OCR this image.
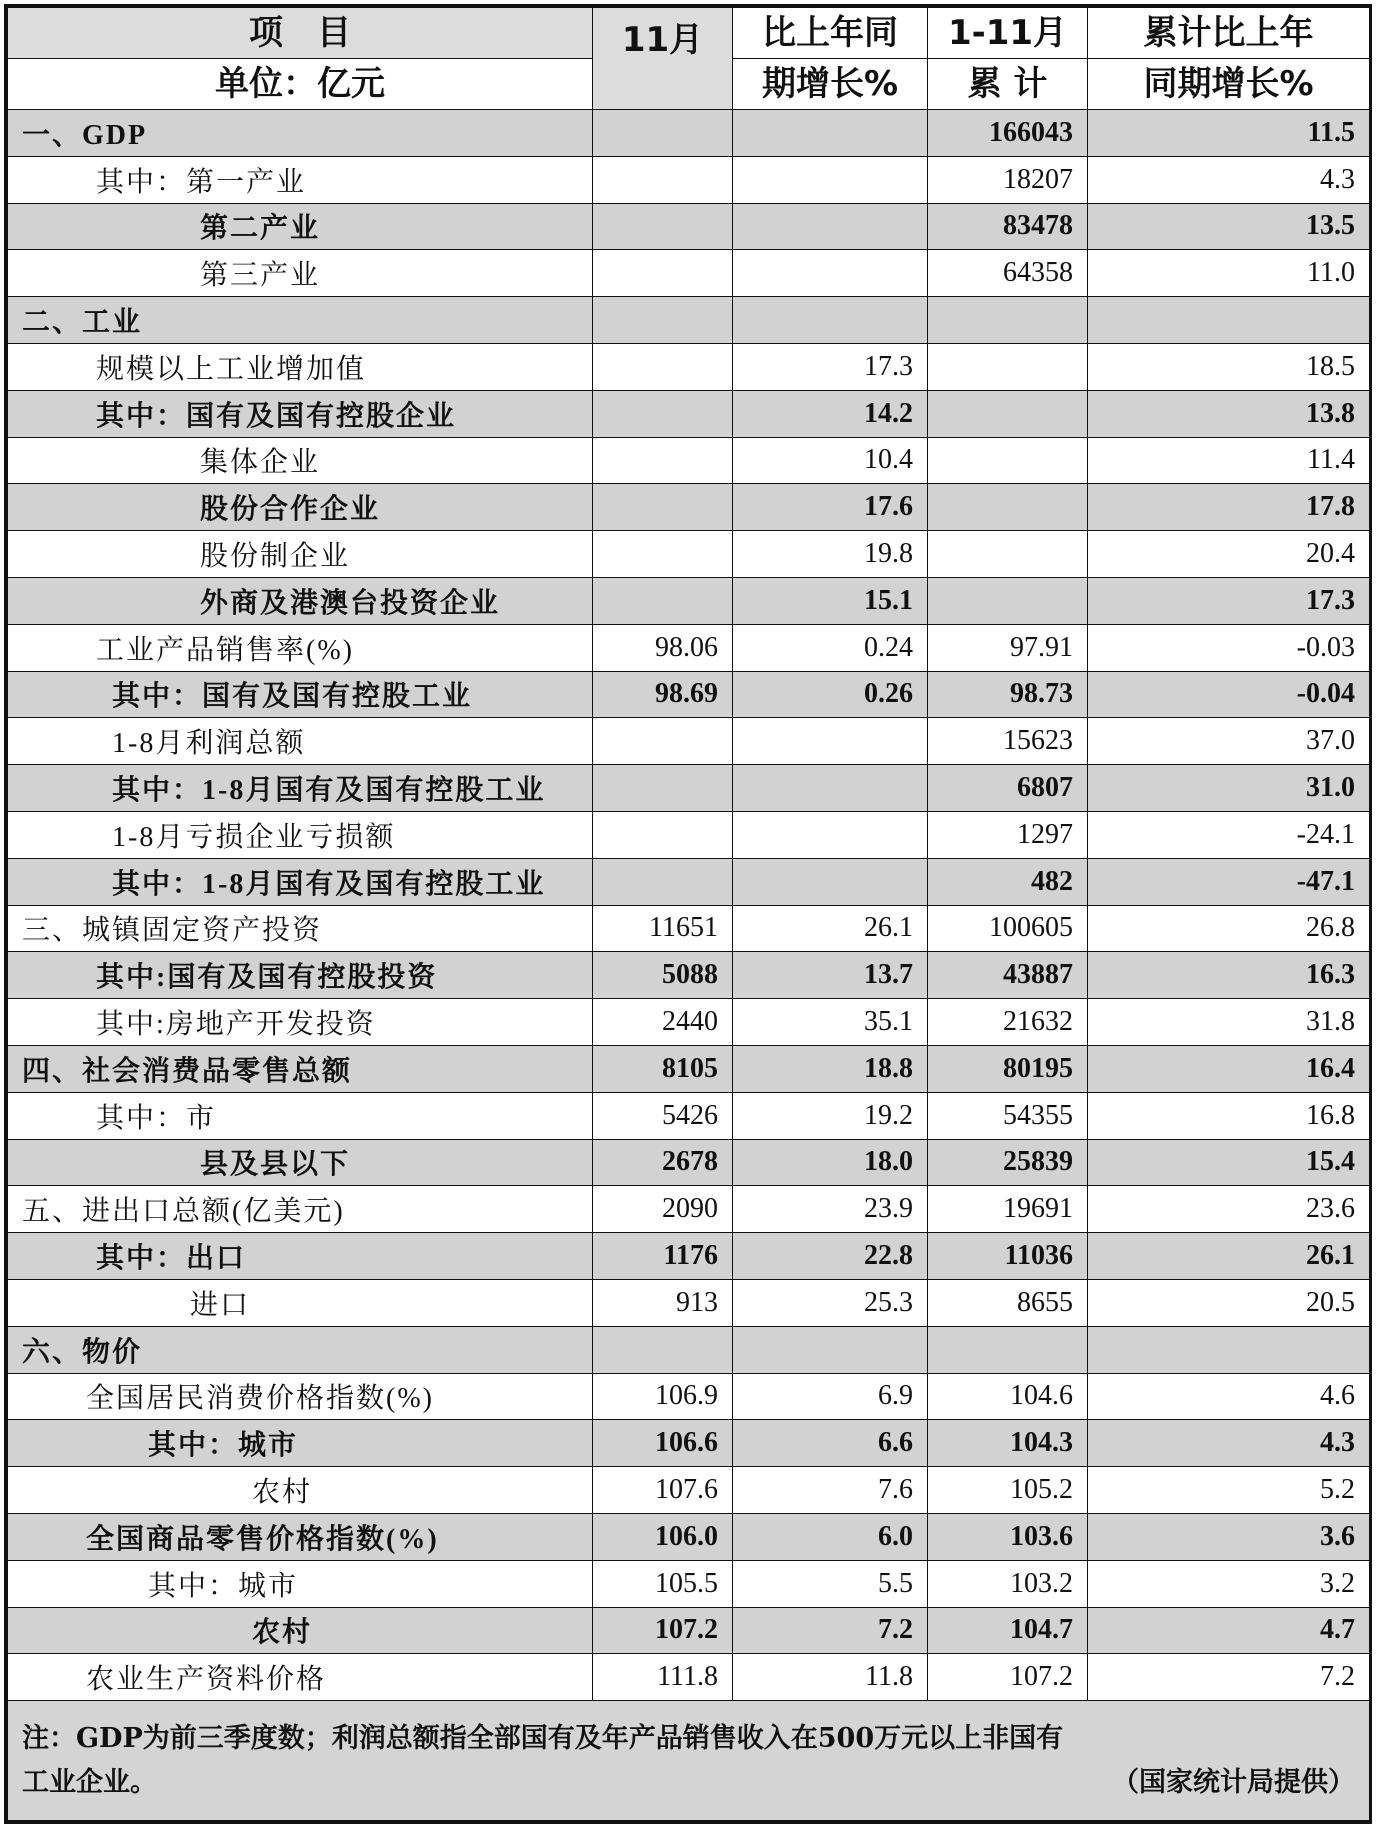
项　目	11月	比上年同	1-11月	累计比上年
单位：亿元		期增长%	累 计	同期增长%
一、GDP			166043	11.5
其中：第一产业			18207	4.3
第二产业			83478	13.5
第三产业			64358	11.0
二、工业				
规模以上工业增加值		17.3		18.5
其中：国有及国有控股企业		14.2		13.8
集体企业		10.4		11.4
股份合作企业		17.6		17.8
股份制企业		19.8		20.4
外商及港澳台投资企业		15.1		17.3
工业产品销售率(%)	98.06	0.24	97.91	-0.03
其中：国有及国有控股工业	98.69	0.26	98.73	-0.04
1-8月利润总额			15623	37.0
其中：1-8月国有及国有控股工业			6807	31.0
1-8月亏损企业亏损额			1297	-24.1
其中：1-8月国有及国有控股工业			482	-47.1
三、城镇固定资产投资	11651	26.1	100605	26.8
其中:国有及国有控股投资	5088	13.7	43887	16.3
其中:房地产开发投资	2440	35.1	21632	31.8
四、社会消费品零售总额	8105	18.8	80195	16.4
其中：市	5426	19.2	54355	16.8
县及县以下	2678	18.0	25839	15.4
五、进出口总额(亿美元)	2090	23.9	19691	23.6
其中：出口	1176	22.8	11036	26.1
进口	913	25.3	8655	20.5
六、物价				
全国居民消费价格指数(%)	106.9	6.9	104.6	4.6
其中：城市	106.6	6.6	104.3	4.3
农村	107.6	7.6	105.2	5.2
全国商品零售价格指数(%)	106.0	6.0	103.6	3.6
其中：城市	105.5	5.5	103.2	3.2
农村	107.2	7.2	104.7	4.7
农业生产资料价格	111.8	11.8	107.2	7.2

注：GDP为前三季度数；利润总额指全部国有及年产品销售收入在500万元以上非国有
工业企业。 （国家统计局提供）				
